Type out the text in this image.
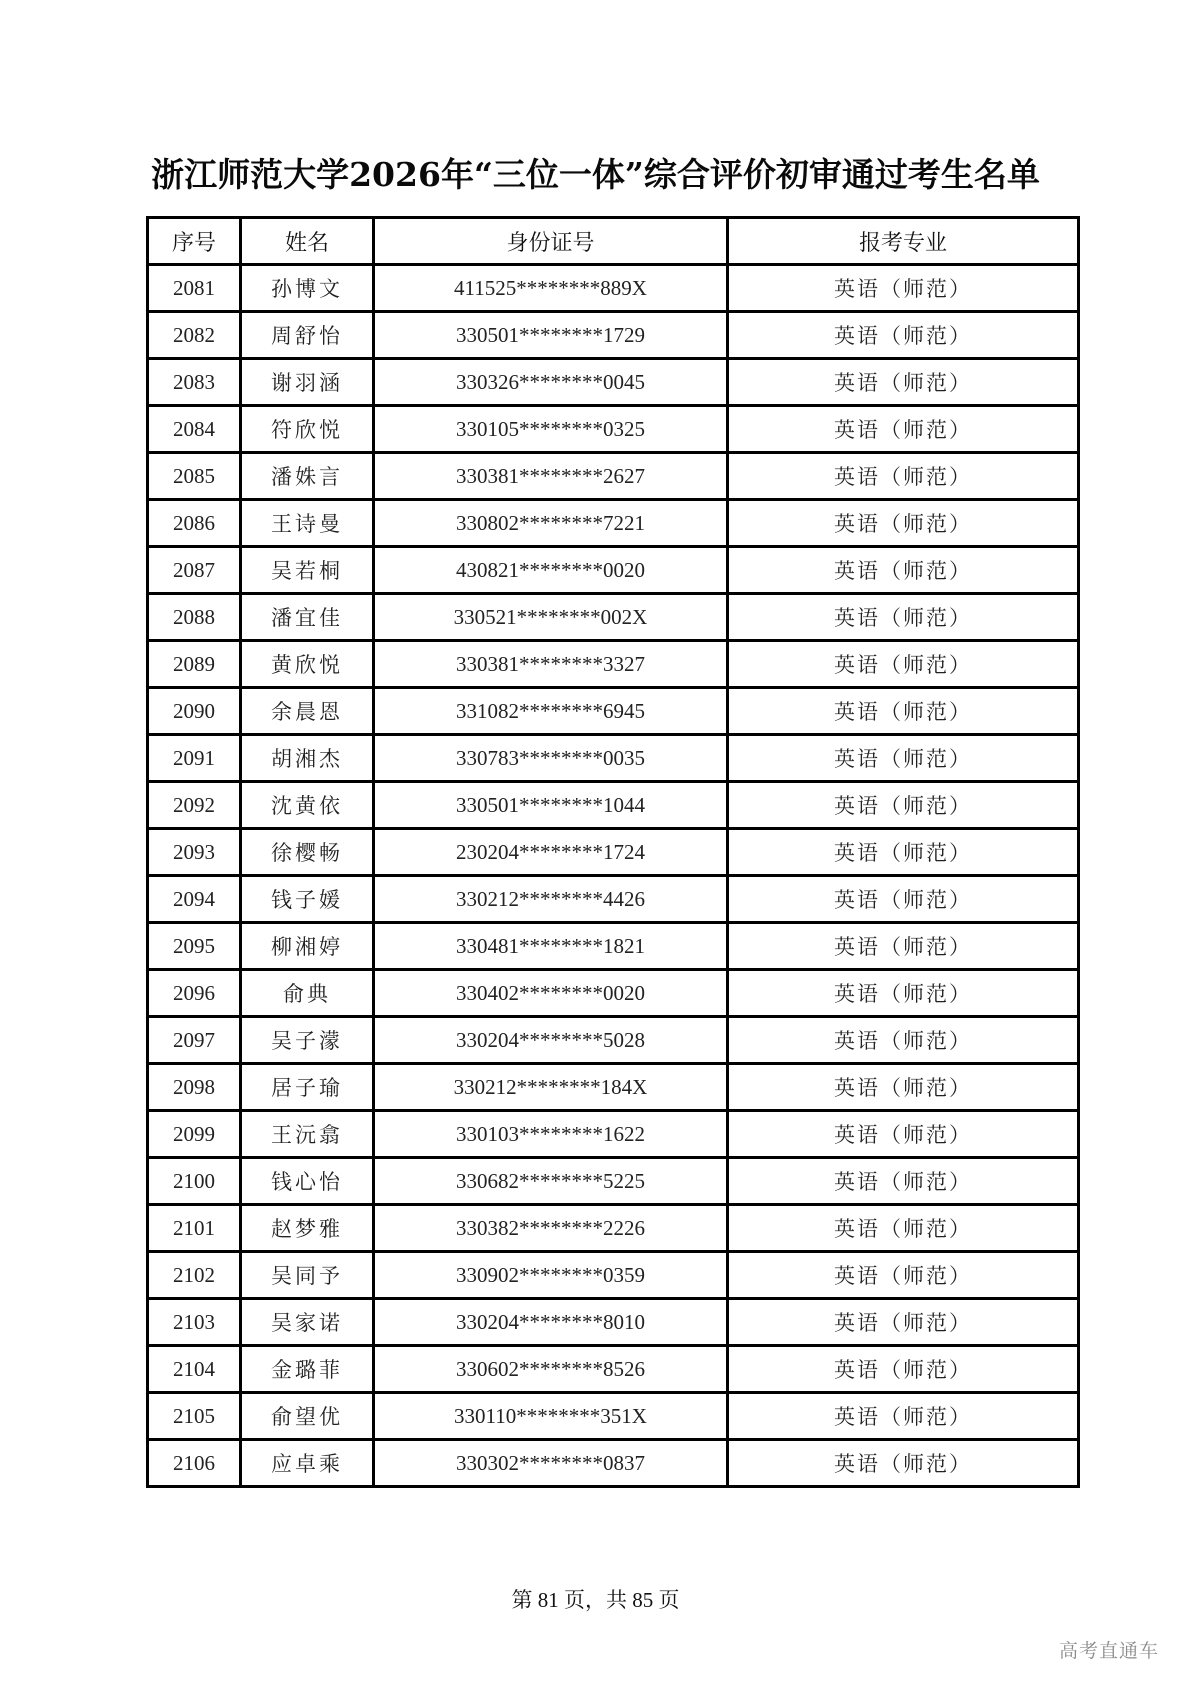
浙江师范大学2026年“三位一体”综合评价初审通过考生名单
序号	姓名	身份证号	报考专业
2081	孙博文	411525********889X	英语（师范）
2082	周舒怡	330501********1729	英语（师范）
2083	谢羽涵	330326********0045	英语（师范）
2084	符欣悦	330105********0325	英语（师范）
2085	潘姝言	330381********2627	英语（师范）
2086	王诗曼	330802********7221	英语（师范）
2087	吴若桐	430821********0020	英语（师范）
2088	潘宜佳	330521********002X	英语（师范）
2089	黄欣悦	330381********3327	英语（师范）
2090	余晨恩	331082********6945	英语（师范）
2091	胡湘杰	330783********0035	英语（师范）
2092	沈黄依	330501********1044	英语（师范）
2093	徐樱畅	230204********1724	英语（师范）
2094	钱子媛	330212********4426	英语（师范）
2095	柳湘婷	330481********1821	英语（师范）
2096	俞典	330402********0020	英语（师范）
2097	吴子濛	330204********5028	英语（师范）
2098	居子瑜	330212********184X	英语（师范）
2099	王沅翕	330103********1622	英语（师范）
2100	钱心怡	330682********5225	英语（师范）
2101	赵梦雅	330382********2226	英语（师范）
2102	吴同予	330902********0359	英语（师范）
2103	吴家诺	330204********8010	英语（师范）
2104	金璐菲	330602********8526	英语（师范）
2105	俞望优	330110********351X	英语（师范）
2106	应卓乘	330302********0837	英语（师范）
第 81 页，共 85 页
高考直通车
